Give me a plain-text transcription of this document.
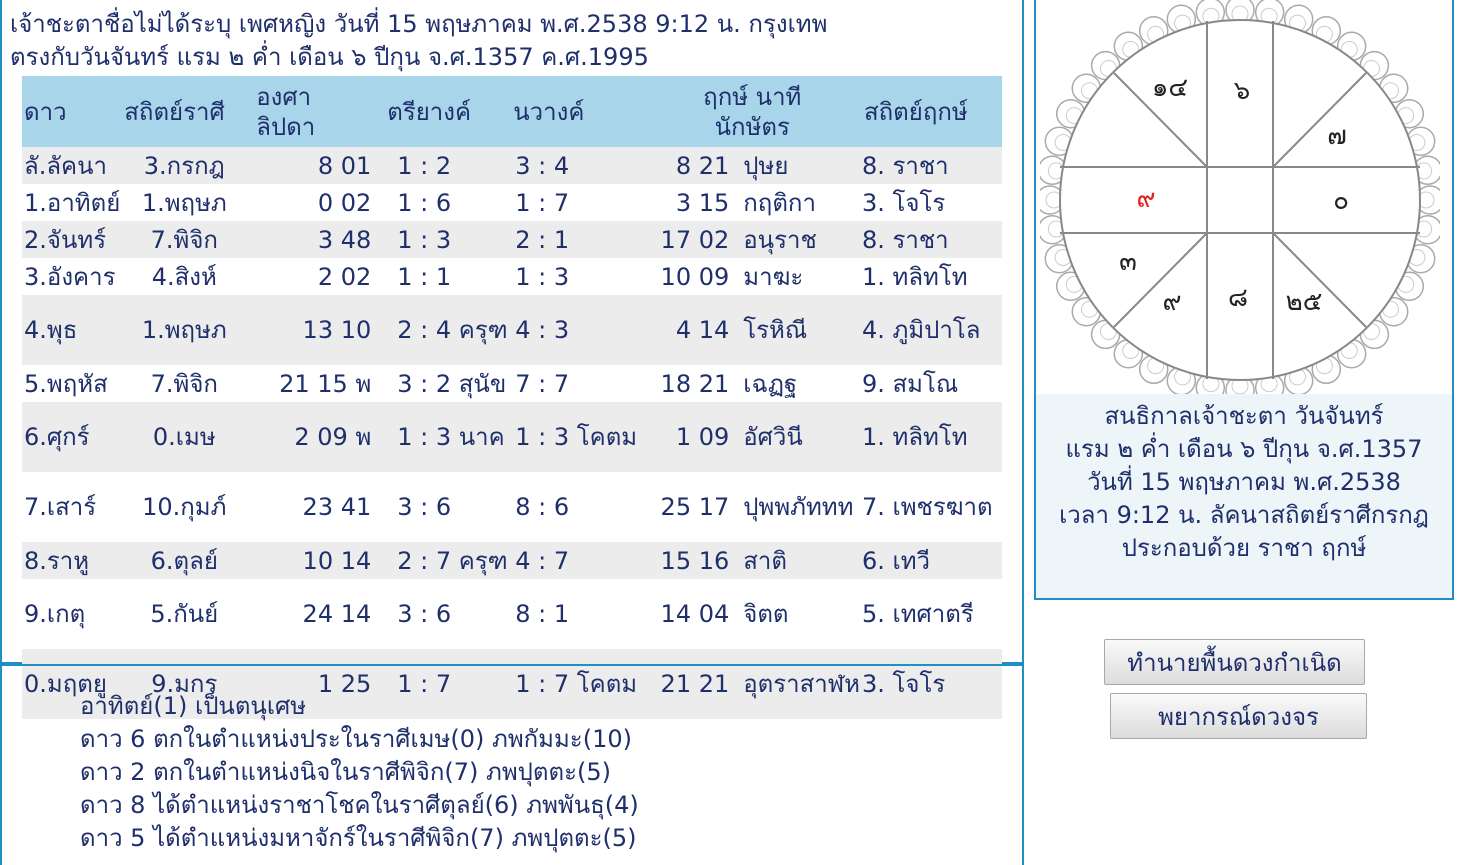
เจ้าชะตาชื่อไม่ได้ระบุ เพศหญิง วันที่ 15 พฤษภาคม พ.ศ.2538 9:12 น. กรุงเทพ
ตรงกับวันจันทร์ แรม ๒ ค่ำ เดือน ๖ ปีกุน จ.ศ.1357 ค.ศ.1995
ดาว	สถิตย์ราศี	องศา ลิปดา	ตรียางค์	นวางค์	ฤกษ์ นาที นักษัตร	สถิตย์ฤกษ์
ลั.ลัคนา	3.กรกฎ	8 01	1 : 2	3 : 4	8 21 ปุษย	8. ราชา
1.อาทิตย์	1.พฤษภ	0 02	1 : 6	1 : 7	3 15 กฤติกา	3. โจโร
2.จันทร์	7.พิจิก	3 48	1 : 3	2 : 1	17 02 อนุราช	8. ราชา
3.อังคาร	4.สิงห์	2 02	1 : 1	1 : 3	10 09 มาฆะ	1. ทลิทโท
4.พุธ	1.พฤษภ	13 10	2 : 4 ครุฑ	4 : 3	4 14 โรหิณี	4. ภูมิปาโล
5.พฤหัส	7.พิจิก	21 15 พ	3 : 2 สุนัข	7 : 7	18 21 เฉฏฐ	9. สมโณ
6.ศุกร์	0.เมษ	2 09 พ	1 : 3 นาค	1 : 3 โคตม	1 09 อัศวินี	1. ทลิทโท
7.เสาร์	10.กุมภ์	23 41	3 : 6	8 : 6	25 17 ปุพพภัททท	7. เพชรฆาต
8.ราหู	6.ตุลย์	10 14	2 : 7 ครุฑ	4 : 7	15 16 สาติ	6. เทวี
9.เกตุ	5.กันย์	24 14	3 : 6	8 : 1	14 04 จิตต	5. เทศาตรี
0.มฤตยู	9.มกร	1 25	1 : 7	1 : 7 โคตม	21 21 อุตราสาฬห	3. โจโร
อาทิตย์(1) เป็นตนุเศษ
ดาว 6 ตกในตำแหน่งประในราศีเมษ(0) ภพกัมมะ(10)
ดาว 2 ตกในตำแหน่งนิจในราศีพิจิก(7) ภพปุตตะ(5)
ดาว 8 ได้ตำแหน่งราชาโชคในราศีตุลย์(6) ภพพันธุ(4)
ดาว 5 ได้ตำแหน่งมหาจักร์ในราศีพิจิก(7) ภพปุตตะ(5)
๑๔ ๖
๗
๐
๙
๓
๙ ๘ ๒๕
สนธิกาลเจ้าชะตา วันจันทร์
แรม ๒ ค่ำ เดือน ๖ ปีกุน จ.ศ.1357
วันที่ 15 พฤษภาคม พ.ศ.2538
เวลา 9:12 น. ลัคนาสถิตย์ราศีกรกฎ
ประกอบด้วย ราชา ฤกษ์
ทำนายพื้นดวงกำเนิด
พยากรณ์ดวงจร
